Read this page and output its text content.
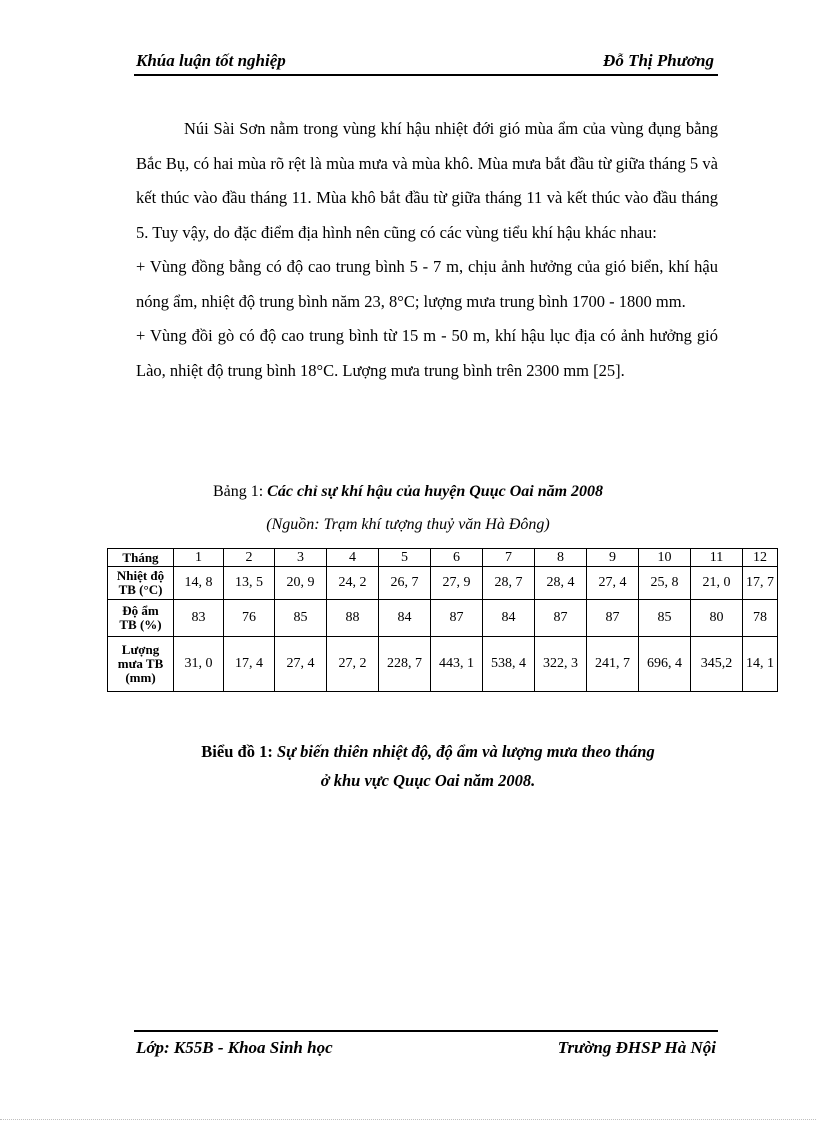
Khúa luận tốt nghiệp	Đỗ Thị Phương

Núi Sài Sơn nằm trong vùng khí hậu nhiệt đới gió mùa ẩm của vùng đụng bằng Bắc Bụ, có hai mùa rõ rệt là mùa mưa và mùa khô. Mùa mưa bắt đầu từ giữa tháng 5 và kết thúc vào đầu tháng 11. Mùa khô bắt đầu từ giữa tháng 11 và kết thúc vào đầu tháng 5. Tuy vậy, do đặc điểm địa hình nên cũng có các vùng tiểu khí hậu khác nhau:

+ Vùng đồng bằng có độ cao trung bình 5 - 7 m, chịu ảnh hưởng của gió biển, khí hậu nóng ẩm, nhiệt độ trung bình năm 23, 8°C; lượng mưa trung bình 1700 - 1800 mm.

+ Vùng đồi gò có độ cao trung bình từ 15 m - 50 m, khí hậu lục địa có ảnh hưởng gió Lào, nhiệt độ trung bình 18°C. Lượng mưa trung bình trên 2300 mm [25].

Bảng 1: Các chỉ sự khí hậu của huyện Quục Oai năm 2008
(Nguồn: Trạm khí tượng thuỷ văn Hà Đông)
Tháng	1	2	3	4	5	6	7	8	9	10	11	12

Nhiệt độ
TB (°C)	14, 8	13, 5	20, 9	24, 2	26, 7	27, 9	28, 7	28, 4	27, 4	25, 8	21, 0	17, 7

Độ ẩm
TB (%)	83	76	85	88	84	87	84	87	87	85	80	78

Lượng
mưa TB
(mm)	31, 0	17, 4	27, 4	27, 2	228, 7	443, 1	538, 4	322, 3	241, 7	696, 4	345,2	14, 1
Biểu đồ 1: Sự biến thiên nhiệt độ, độ ẩm và lượng mưa theo tháng
ở khu vực Quục Oai năm 2008.
Lớp: K55B - Khoa Sinh học	Trường ĐHSP Hà Nội
